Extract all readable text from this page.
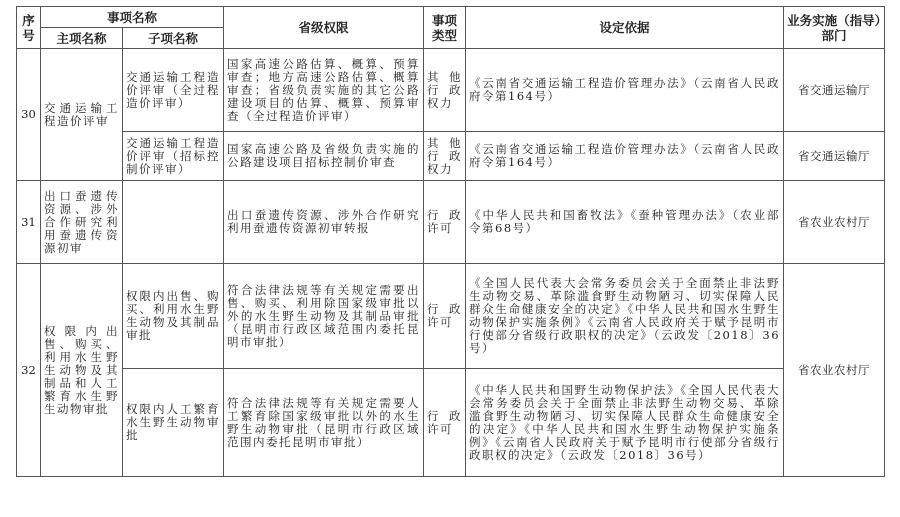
序号	事项名称		省级权限	事项类型	设定依据	业务实施（指导）部门
	主项名称	子项名称				
30	交通运输工程造价评审	交通运输工程造价评审（全过程造价评审）	国家高速公路估算、概算、预算审查；地方高速公路估算、概算审查；省级负责实施的其它公路建设项目的估算、概算、预算审查（全过程造价评审）	其他行政权力	《云南省交通运输工程造价管理办法》（云南省人民政府令第164号）	省交通运输厅
		交通运输工程造价评审（招标控制价评审）	国家高速公路及省级负责实施的公路建设项目招标控制价审查	其他行政权力	《云南省交通运输工程造价管理办法》（云南省人民政府令第164号）	省交通运输厅
31	出口蚕遗传资源、涉外合作研究利用蚕遗传资源初审		出口蚕遗传资源、涉外合作研究利用蚕遗传资源初审转报	行政许可	《中华人民共和国畜牧法》《蚕种管理办法》（农业部令第68号）	省农业农村厅
32	权限内出售、购买、利用水生野生动物及其制品和人工繁育水生野生动物审批	权限内出售、购买、利用水生野生动物及其制品审批	符合法律法规等有关规定需要出售、购买、利用除国家级审批以外的水生野生动物及其制品审批（昆明市行政区域范围内委托昆明市审批）	行政许可	《全国人民代表大会常务委员会关于全面禁止非法野生动物交易、革除滥食野生动物陋习、切实保障人民群众生命健康安全的决定》《中华人民共和国水生野生动物保护实施条例》《云南省人民政府关于赋予昆明市行使部分省级行政职权的决定》（云政发〔2018〕36号）	省农业农村厅
		权限内人工繁育水生野生动物审批	符合法律法规等有关规定需要人工繁育除国家级审批以外的水生野生动物审批（昆明市行政区域范围内委托昆明市审批）	行政许可	《中华人民共和国野生动物保护法》《全国人民代表大会常务委员会关于全面禁止非法野生动物交易、革除滥食野生动物陋习、切实保障人民群众生命健康安全的决定》《中华人民共和国水生野生动物保护实施条例》《云南省人民政府关于赋予昆明市行使部分省级行政职权的决定》（云政发〔2018〕36号）	
